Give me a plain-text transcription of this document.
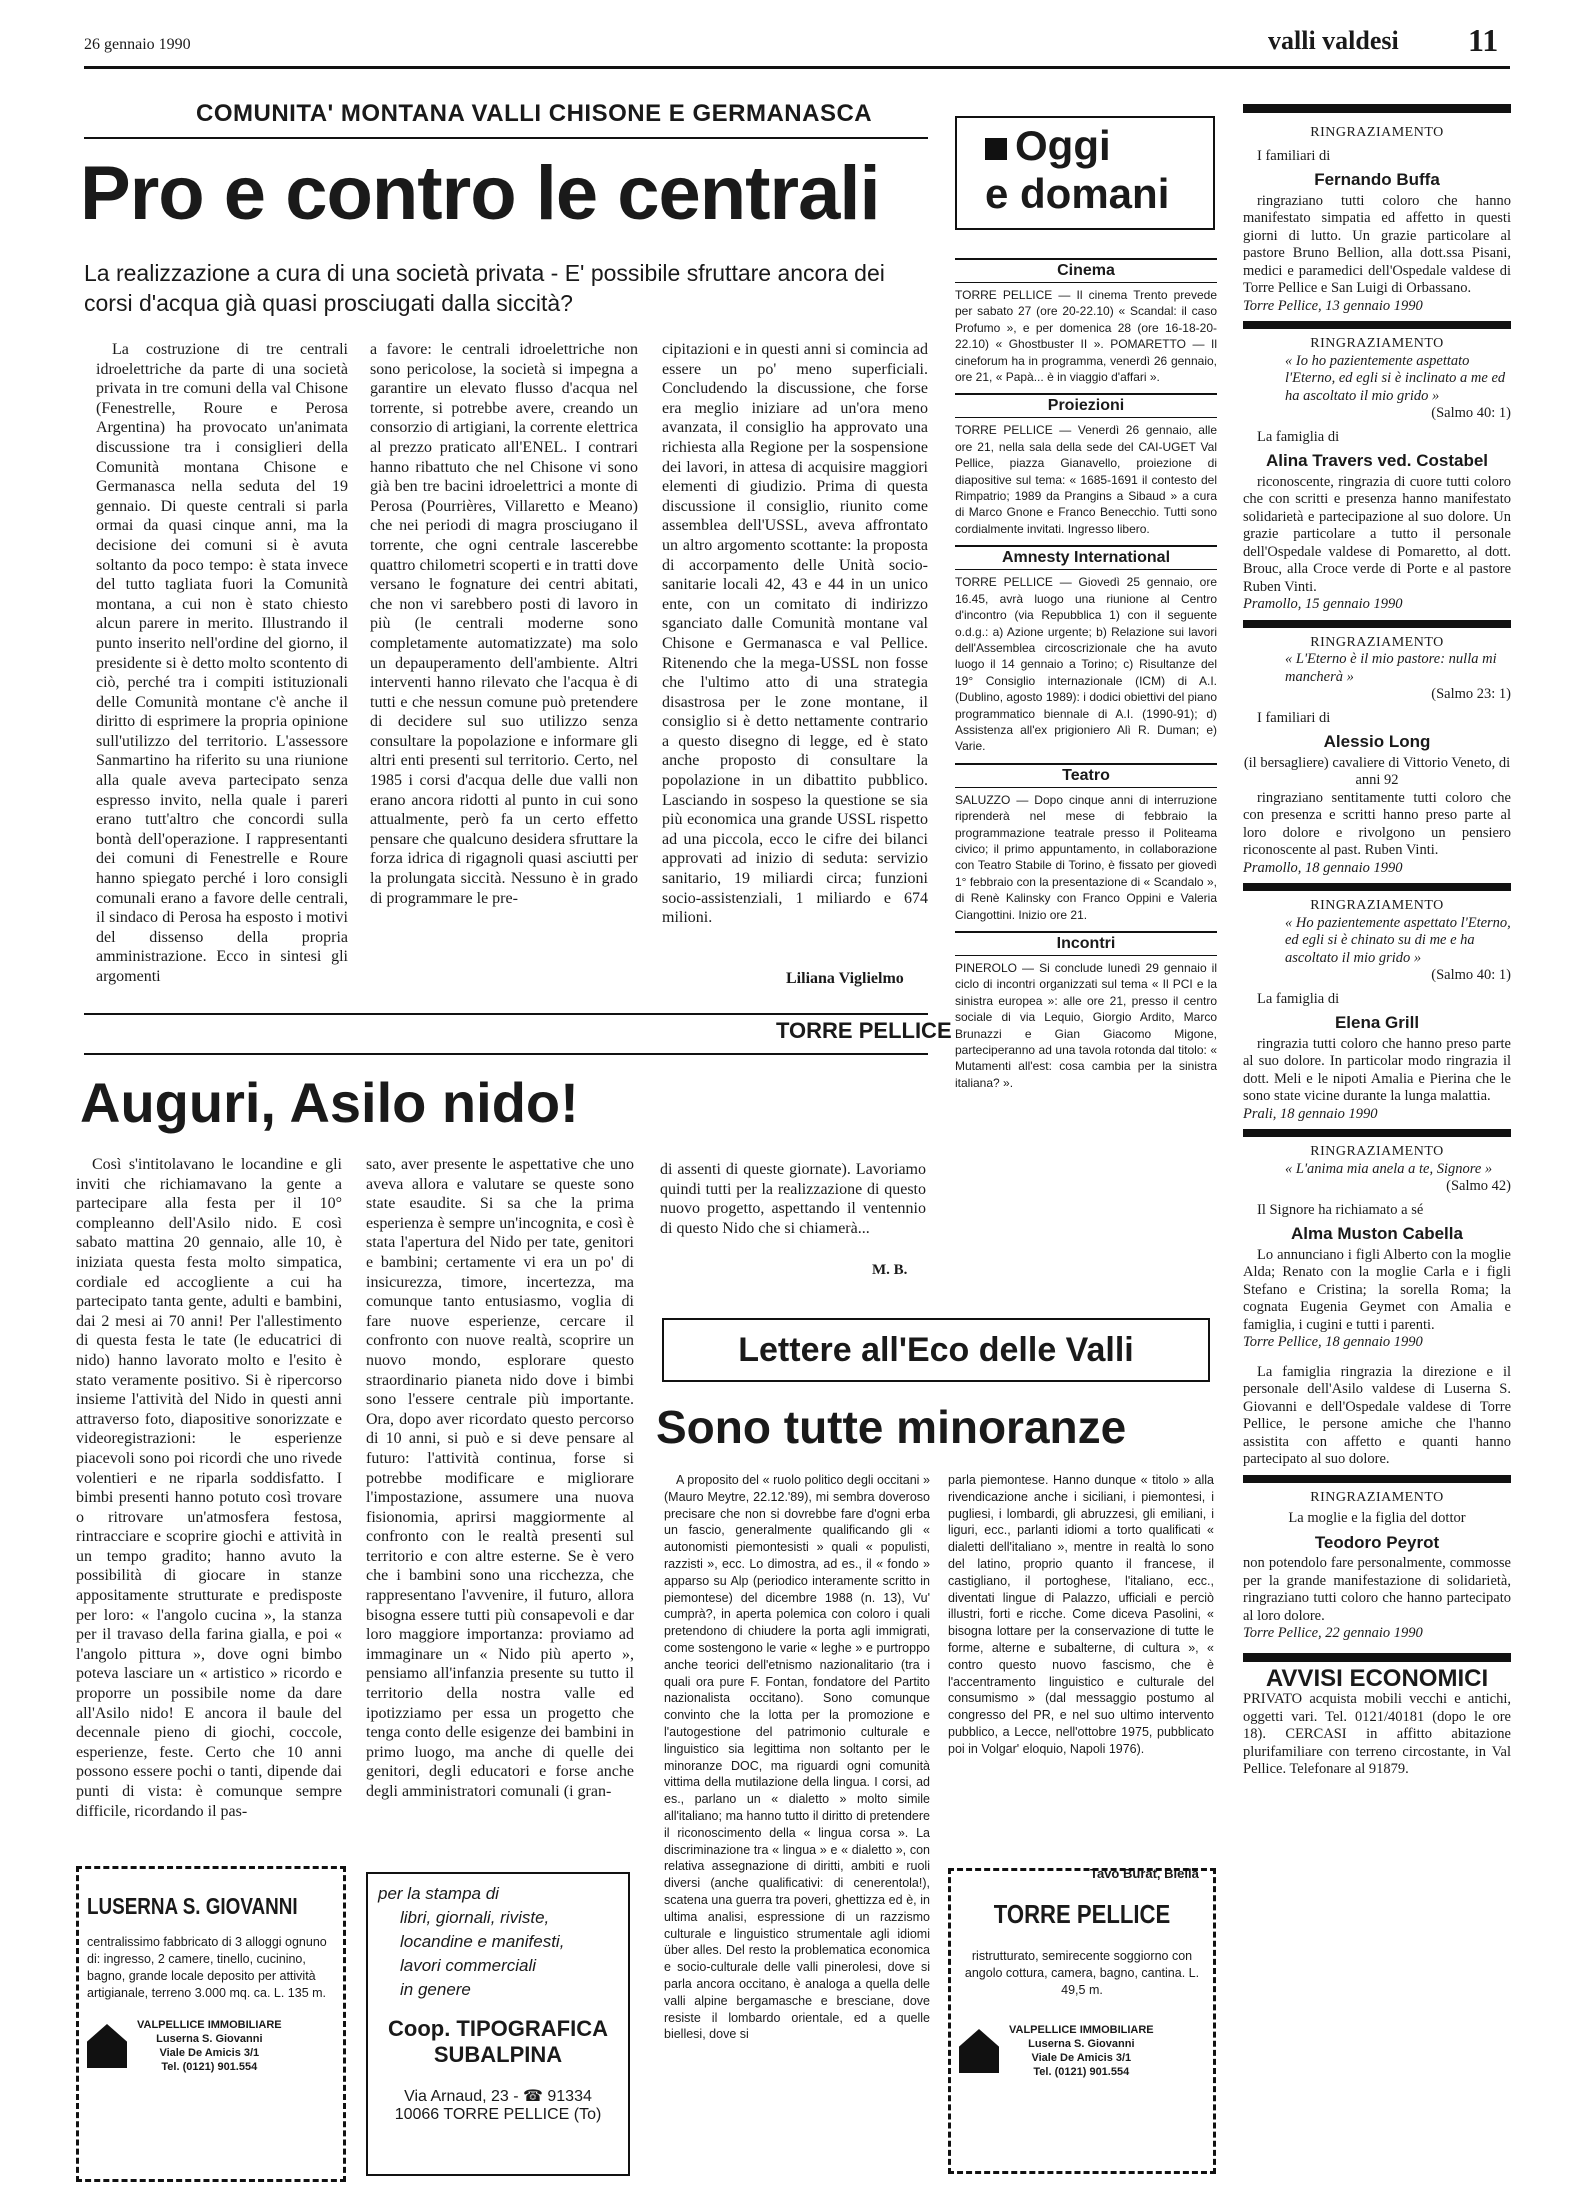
26 gennaio 1990	valli valdesi 11
COMUNITA' MONTANA VALLI CHISONE E GERMANASCA
Pro e contro le centrali
La realizzazione a cura di una società privata - E' possibile sfruttare ancora dei corsi d'acqua già quasi prosciugati dalla siccità?

La costruzione di tre centrali idroelettriche da parte di una società privata in tre comuni della val Chisone (Fenestrelle, Roure e Perosa Argentina) ha provocato un'animata discussione tra i consiglieri della Comunità montana Chisone e Germanasca nella seduta del 19 gennaio. Di queste centrali si parla ormai da quasi cinque anni, ma la decisione dei comuni si è avuta soltanto da poco tempo: è stata invece del tutto tagliata fuori la Comunità montana, a cui non è stato chiesto alcun parere in merito. Illustrando il punto inserito nell'ordine del giorno, il presidente si è detto molto scontento di ciò, perché tra i compiti istituzionali delle Comunità montane c'è anche il diritto di esprimere la propria opinione sull'utilizzo del territorio. L'assessore Sanmartino ha riferito su una riunione alla quale aveva partecipato senza espresso invito, nella quale i pareri erano tutt'altro che concordi sulla bontà dell'operazione. I rappresentanti dei comuni di Fenestrelle e Roure hanno spiegato perché i loro consigli comunali erano a favore delle centrali, il sindaco di Perosa ha esposto i motivi del dissenso della propria amministrazione. Ecco in sintesi gli argomenti

a favore: le centrali idroelettriche non sono pericolose, la società si impegna a garantire un elevato flusso d'acqua nel torrente, si potrebbe avere, creando un consorzio di artigiani, la corrente elettrica al prezzo praticato all'ENEL. I contrari hanno ribattuto che nel Chisone vi sono già ben tre bacini idroelettrici a monte di Perosa (Pourrières, Villaretto e Meano) che nei periodi di magra prosciugano il torrente, che ogni centrale lascerebbe quattro chilometri scoperti e in tratti dove versano le fognature dei centri abitati, che non vi sarebbero posti di lavoro in più (le centrali moderne sono completamente automatizzate) ma solo un depauperamento dell'ambiente. Altri interventi hanno rilevato che l'acqua è di tutti e che nessun comune può pretendere di decidere sul suo utilizzo senza consultare la popolazione e informare gli altri enti presenti sul territorio. Certo, nel 1985 i corsi d'acqua delle due valli non erano ancora ridotti al punto in cui sono attualmente, però fa un certo effetto pensare che qualcuno desidera sfruttare la forza idrica di rigagnoli quasi asciutti per la prolungata siccità. Nessuno è in grado di programmare le pre-

cipitazioni e in questi anni si comincia ad essere un po' meno superficiali. Concludendo la discussione, che forse era meglio iniziare ad un'ora meno avanzata, il consiglio ha approvato una richiesta alla Regione per la sospensione dei lavori, in attesa di acquisire maggiori elementi di giudizio. Prima di questa discussione il consiglio, riunito come assemblea dell'USSL, aveva affrontato un altro argomento scottante: la proposta di accorpamento delle Unità socio-sanitarie locali 42, 43 e 44 in un unico ente, con un comitato di indirizzo sganciato dalle Comunità montane val Chisone e Germanasca e val Pellice. Ritenendo che la mega-USSL non fosse che l'ultimo atto di una strategia disastrosa per le zone montane, il consiglio si è detto nettamente contrario a questo disegno di legge, ed è stato anche proposto di consultare la popolazione in un dibattito pubblico. Lasciando in sospeso la questione se sia più economica una grande USSL rispetto ad una piccola, ecco le cifre dei bilanci approvati ad inizio di seduta: servizio sanitario, 19 miliardi circa; funzioni socio-assistenziali, 1 miliardo e 674 milioni.

Liliana Viglielmo
TORRE PELLICE
Auguri, Asilo nido!

Così s'intitolavano le locandine e gli inviti che richiamavano la gente a partecipare alla festa per il 10° compleanno dell'Asilo nido. E così sabato mattina 20 gennaio, alle 10, è iniziata questa festa molto simpatica, cordiale ed accogliente a cui ha partecipato tanta gente, adulti e bambini, dai 2 mesi ai 70 anni! Per l'allestimento di questa festa le tate (le educatrici di nido) hanno lavorato molto e l'esito è stato veramente positivo. Si è ripercorso insieme l'attività del Nido in questi anni attraverso foto, diapositive sonorizzate e videoregistrazioni: le esperienze piacevoli sono poi ricordi che uno rivede volentieri e ne riparla soddisfatto. I bimbi presenti hanno potuto così trovare o ritrovare un'atmosfera festosa, rintracciare e scoprire giochi e attività in un tempo gradito; hanno avuto la possibilità di giocare in stanze appositamente strutturate e predisposte per loro: « l'angolo cucina », la stanza per il travaso della farina gialla, e poi « l'angolo pittura », dove ogni bimbo poteva lasciare un « artistico » ricordo e proporre un possibile nome da dare all'Asilo nido! E ancora il baule del decennale pieno di giochi, coccole, esperienze, feste. Certo che 10 anni possono essere pochi o tanti, dipende dai punti di vista: è comunque sempre difficile, ricordando il pas-

sato, aver presente le aspettative che uno aveva allora e valutare se queste sono state esaudite. Si sa che la prima esperienza è sempre un'incognita, e così è stata l'apertura del Nido per tate, genitori e bambini; certamente vi era un po' di insicurezza, timore, incertezza, ma comunque tanto entusiasmo, voglia di fare nuove esperienze, cercare il confronto con nuove realtà, scoprire un nuovo mondo, esplorare questo straordinario pianeta nido dove i bimbi sono l'essere centrale più importante. Ora, dopo aver ricordato questo percorso di 10 anni, si può e si deve pensare al futuro: l'attività continua, forse si potrebbe modificare e migliorare l'impostazione, assumere una nuova fisionomia, aprirsi maggiormente al confronto con le realtà presenti sul territorio e con altre esterne. Se è vero che i bambini sono una ricchezza, che rappresentano l'avvenire, il futuro, allora bisogna essere tutti più consapevoli e dar loro maggiore importanza: proviamo ad immaginare un « Nido più aperto », pensiamo all'infanzia presente su tutto il territorio della nostra valle ed ipotizziamo per essa un progetto che tenga conto delle esigenze dei bambini in primo luogo, ma anche di quelle dei genitori, degli educatori e forse anche degli amministratori comunali (i gran-

di assenti di queste giornate). Lavoriamo quindi tutti per la realizzazione di questo nuovo progetto, aspettando il ventennio di questo Nido che si chiamerà...

M. B.
Lettere all'Eco delle Valli
Sono tutte minoranze

A proposito del « ruolo politico degli occitani » (Mauro Meytre, 22.12.'89), mi sembra doveroso precisare che non si dovrebbe fare d'ogni erba un fascio, generalmente qualificando gli « autonomisti piemontesisti » quali « populisti, razzisti », ecc. Lo dimostra, ad es., il « fondo » apparso su Alp (periodico interamente scritto in piemontese) del dicembre 1988 (n. 13), Vu' cumprà?, in aperta polemica con coloro i quali pretendono di chiudere la porta agli immigrati, come sostengono le varie « leghe » e purtroppo anche teorici dell'etnismo nazionalitario (tra i quali ora pure F. Fontan, fondatore del Partito nazionalista occitano). Sono comunque convinto che la lotta per la promozione e l'autogestione del patrimonio culturale e linguistico sia legittima non soltanto per le minoranze DOC, ma riguardi ogni comunità vittima della mutilazione della lingua. I corsi, ad es., parlano un « dialetto » molto simile all'italiano; ma hanno tutto il diritto di pretendere il riconoscimento della « lingua corsa ». La discriminazione tra « lingua » e « dialetto », con relativa assegnazione di diritti, ambiti e ruoli diversi (anche qualificativi: di cenerentola!), scatena una guerra tra poveri, ghettizza ed è, in ultima analisi, espressione di un razzismo culturale e linguistico strumentale agli idiomi über alles. Del resto la problematica economica e socio-culturale delle valli pinerolesi, dove si parla ancora occitano, è analoga a quella delle valli alpine bergamasche e bresciane, dove resiste il lombardo orientale, ed a quelle biellesi, dove si

parla piemontese. Hanno dunque « titolo » alla rivendicazione anche i siciliani, i piemontesi, i pugliesi, i lombardi, gli abruzzesi, gli emiliani, i liguri, ecc., parlanti idiomi a torto qualificati « dialetti dell'italiano », mentre in realtà lo sono del latino, proprio quanto il francese, il castigliano, il portoghese, l'italiano, ecc., diventati lingue di Palazzo, ufficiali e perciò illustri, forti e ricche. Come diceva Pasolini, « bisogna lottare per la conservazione di tutte le forme, alterne e subalterne, di cultura », « contro questo nuovo fascismo, che è l'accentramento linguistico e culturale del consumismo » (dal messaggio postumo al congresso del PR, e nel suo ultimo intervento pubblico, a Lecce, nell'ottobre 1975, pubblicato poi in Volgar' eloquio, Napoli 1976).

Tavo Burat, Biella
Oggi
e domani
Cinema
TORRE PELLICE — Il cinema Trento prevede per sabato 27 (ore 20-22.10) « Scandal: il caso Profumo », e per domenica 28 (ore 16-18-20-22.10) « Ghostbuster II ». POMARETTO — Il cineforum ha in programma, venerdì 26 gennaio, ore 21, « Papà... è in viaggio d'affari ».
Proiezioni
TORRE PELLICE — Venerdì 26 gennaio, alle ore 21, nella sala della sede del CAI-UGET Val Pellice, piazza Gianavello, proiezione di diapositive sul tema: « 1685-1691 il contesto del Rimpatrio; 1989 da Prangins a Sibaud » a cura di Marco Gnone e Franco Benecchio. Tutti sono cordialmente invitati. Ingresso libero.
Amnesty International
TORRE PELLICE — Giovedì 25 gennaio, ore 16.45, avrà luogo una riunione al Centro d'incontro (via Repubblica 1) con il seguente o.d.g.: a) Azione urgente; b) Relazione sui lavori dell'Assemblea circoscrizionale che ha avuto luogo il 14 gennaio a Torino; c) Risultanze del 19° Consiglio internazionale (ICM) di A.I. (Dublino, agosto 1989): i dodici obiettivi del piano programmatico biennale di A.I. (1990-91); d) Assistenza all'ex prigioniero Alì R. Duman; e) Varie.
Teatro
SALUZZO — Dopo cinque anni di interruzione riprenderà nel mese di febbraio la programmazione teatrale presso il Politeama civico; il primo appuntamento, in collaborazione con Teatro Stabile di Torino, è fissato per giovedì 1° febbraio con la presentazione di « Scandalo », di Renè Kalinsky con Franco Oppini e Valeria Ciangottini. Inizio ore 21.
Incontri
PINEROLO — Si conclude lunedì 29 gennaio il ciclo di incontri organizzati sul tema « Il PCI e la sinistra europea »: alle ore 21, presso il centro sociale di via Lequio, Giorgio Ardito, Marco Brunazzi e Gian Giacomo Migone, parteciperanno ad una tavola rotonda dal titolo: « Mutamenti all'est: cosa cambia per la sinistra italiana? ».
RINGRAZIAMENTO

I familiari di

Fernando Buffa

ringraziano tutti coloro che hanno manifestato simpatia ed affetto in questi giorni di lutto. Un grazie particolare al pastore Bruno Bellion, alla dott.ssa Pisani, medici e paramedici dell'Ospedale valdese di Torre Pellice e San Luigi di Orbassano.

Torre Pellice, 13 gennaio 1990

RINGRAZIAMENTO

« Io ho pazientemente aspettato l'Eterno, ed egli si è inclinato a me ed ha ascoltato il mio grido »

(Salmo 40: 1)

La famiglia di

Alina Travers ved. Costabel

riconoscente, ringrazia di cuore tutti coloro che con scritti e presenza hanno manifestato solidarietà e partecipazione al suo dolore. Un grazie particolare a tutto il personale dell'Ospedale valdese di Pomaretto, al dott. Brouc, alla Croce verde di Porte e al pastore Ruben Vinti.

Pramollo, 15 gennaio 1990

RINGRAZIAMENTO

« L'Eterno è il mio pastore: nulla mi mancherà »

(Salmo 23: 1)

I familiari di

Alessio Long

(il bersagliere) cavaliere di Vittorio Veneto, di anni 92

ringraziano sentitamente tutti coloro che con presenza e scritti hanno preso parte al loro dolore e rivolgono un pensiero riconoscente al past. Ruben Vinti.

Pramollo, 18 gennaio 1990

RINGRAZIAMENTO

« Ho pazientemente aspettato l'Eterno, ed egli si è chinato su di me e ha ascoltato il mio grido »

(Salmo 40: 1)

La famiglia di

Elena Grill

ringrazia tutti coloro che hanno preso parte al suo dolore. In particolar modo ringrazia il dott. Meli e le nipoti Amalia e Pierina che le sono state vicine durante la lunga malattia.

Prali, 18 gennaio 1990

RINGRAZIAMENTO

« L'anima mia anela a te, Signore »

(Salmo 42)

Il Signore ha richiamato a sé

Alma Muston Cabella

Lo annunciano i figli Alberto con la moglie Alda; Renato con la moglie Carla e i figli Stefano e Cristina; la sorella Roma; la cognata Eugenia Geymet con Amalia e famiglia, i cugini e tutti i parenti.

Torre Pellice, 18 gennaio 1990

La famiglia ringrazia la direzione e il personale dell'Asilo valdese di Luserna S. Giovanni e dell'Ospedale valdese di Torre Pellice, le persone amiche che l'hanno assistita con affetto e quanti hanno partecipato al suo dolore.

RINGRAZIAMENTO

La moglie e la figlia del dottor

Teodoro Peyrot

non potendolo fare personalmente, commosse per la grande manifestazione di solidarietà, ringraziano tutti coloro che hanno partecipato al loro dolore.

Torre Pellice, 22 gennaio 1990

AVVISI ECONOMICI

PRIVATO acquista mobili vecchi e antichi, oggetti vari. Tel. 0121/40181 (dopo le ore 18). CERCASI in affitto abitazione plurifamiliare con terreno circostante, in Val Pellice. Telefonare al 91879.

LUSERNA S. GIOVANNI
centralissimo fabbricato di 3 alloggi ognuno di: ingresso, 2 camere, tinello, cucinino, bagno, grande locale deposito per attività artigianale, terreno 3.000 mq. ca. L. 135 m.
VALPELLICE IMMOBILIARE
Luserna S. Giovanni
Viale De Amicis 3/1
Tel. (0121) 901.554
per la stampa di
libri, giornali, riviste,
locandine e manifesti,
lavori commerciali
in genere
Coop. TIPOGRAFICA
SUBALPINA
Via Arnaud, 23 - ☎ 91334
10066 TORRE PELLICE (To)
TORRE PELLICE
ristrutturato, semirecente soggiorno con angolo cottura, camera, bagno, cantina. L. 49,5 m.
VALPELLICE IMMOBILIARE
Luserna S. Giovanni
Viale De Amicis 3/1
Tel. (0121) 901.554
